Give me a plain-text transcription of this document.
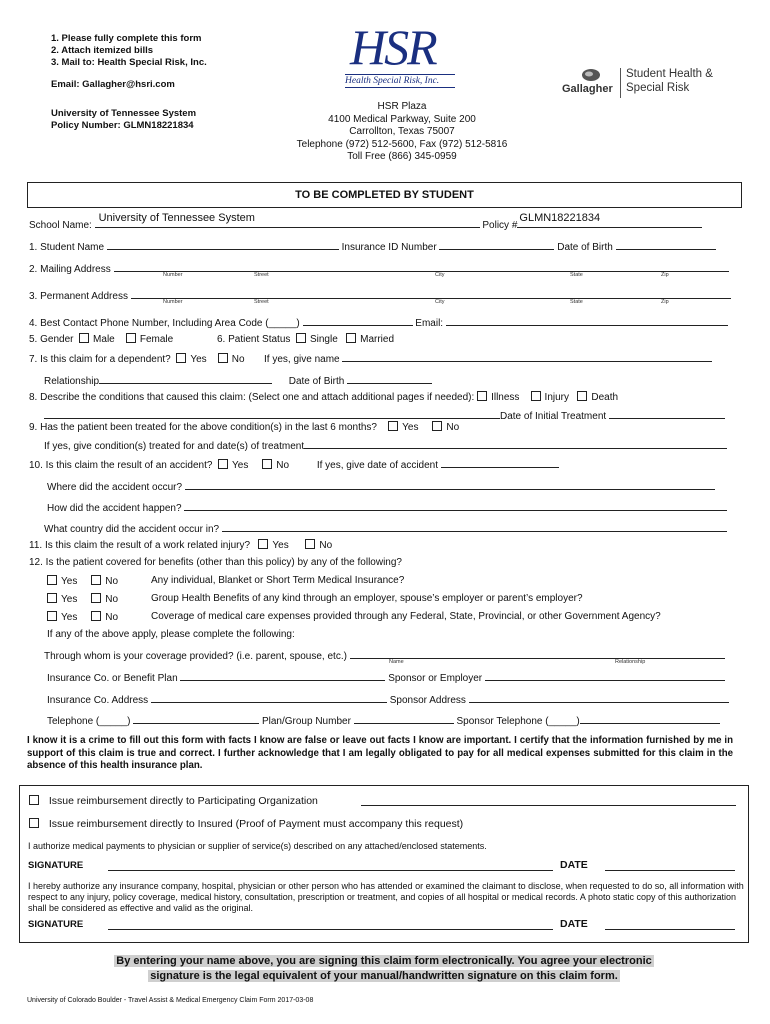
1. Please fully complete this form
2. Attach itemized bills
3. Mail to: Health Special Risk, Inc.
Email: Gallagher@hsri.com
University of Tennessee System
Policy Number: GLMN18221834
HSR
Health Special Risk, Inc.
Gallagher
Student Health &
Special Risk
HSR Plaza
4100 Medical Parkway, Suite 200
Carrollton, Texas 75007
Telephone (972) 512-5600, Fax (972) 512-5816
Toll Free (866) 345-0959
TO BE COMPLETED BY STUDENT
School Name:
University of Tennessee System
Policy #
GLMN18221834
1. Student Name	Insurance ID Number	Date of Birth
2. Mailing Address	Number	Street	City	State	Zip
3. Permanent Address	Number	Street	City	State	Zip
4. Best Contact Phone Number, Including Area Code (_____)	Email:
5. Gender Male	Female	6. Patient Status Single Married
7. Is this claim for a dependent? Yes	No If yes, give name
Relationship	Date of Birth
8. Describe the conditions that caused this claim: (Select one and attach additional pages if needed): Illness	Injury Death
Date of Initial Treatment
9. Has the patient been treated for the above condition(s) in the last 6 months?	Yes	No
If yes, give condition(s) treated for and date(s) of treatment
10. Is this claim the result of an accident? Yes	No	If yes, give date of accident
Where did the accident occur?
How did the accident happen?
What country did the accident occur in?
11. Is this claim the result of a work related injury? Yes	No
12. Is the patient covered for benefits (other than this policy) by any of the following?
Yes	No	Any individual, Blanket or Short Term Medical Insurance?
Yes	No	Group Health Benefits of any kind through an employer, spouse’s employer or parent’s employer?
Yes	No	Coverage of medical care expenses provided through any Federal, State, Provincial, or other Government Agency?
If any of the above apply, please complete the following:
Through whom is your coverage provided? (i.e. parent, spouse, etc.)	Name	Relationship
Insurance Co. or Benefit Plan	Sponsor or Employer
Insurance Co. Address	Sponsor Address
Telephone (_____)	Plan/Group Number	Sponsor Telephone (_____)
I know it is a crime to fill out this form with facts I know are false or leave out facts I know are important. I certify that the information furnished by me in support of this claim is true and correct. I further acknowledge that I am legally obligated to pay for all medical expenses submitted for this claim in the absence of this health insurance plan.
Issue reimbursement directly to Participating Organization
Issue reimbursement directly to Insured (Proof of Payment must accompany this request)
I authorize medical payments to physician or supplier of service(s) described on any attached/enclosed statements.
SIGNATURE	DATE
I hereby authorize any insurance company, hospital, physician or other person who has attended or examined the claimant to disclose, when requested to do so, all information with respect to any injury, policy coverage, medical history, consultation, prescription or treatment, and copies of all hospital or medical records. A photo static copy of this authorization shall be considered as effective and valid as the original.
SIGNATURE	DATE
By entering your name above, you are signing this claim form electronically. You agree your electronic
signature is the legal equivalent of your manual/handwritten signature on this claim form.
University of Colorado Boulder - Travel Assist & Medical Emergency Claim Form 2017-03-08
